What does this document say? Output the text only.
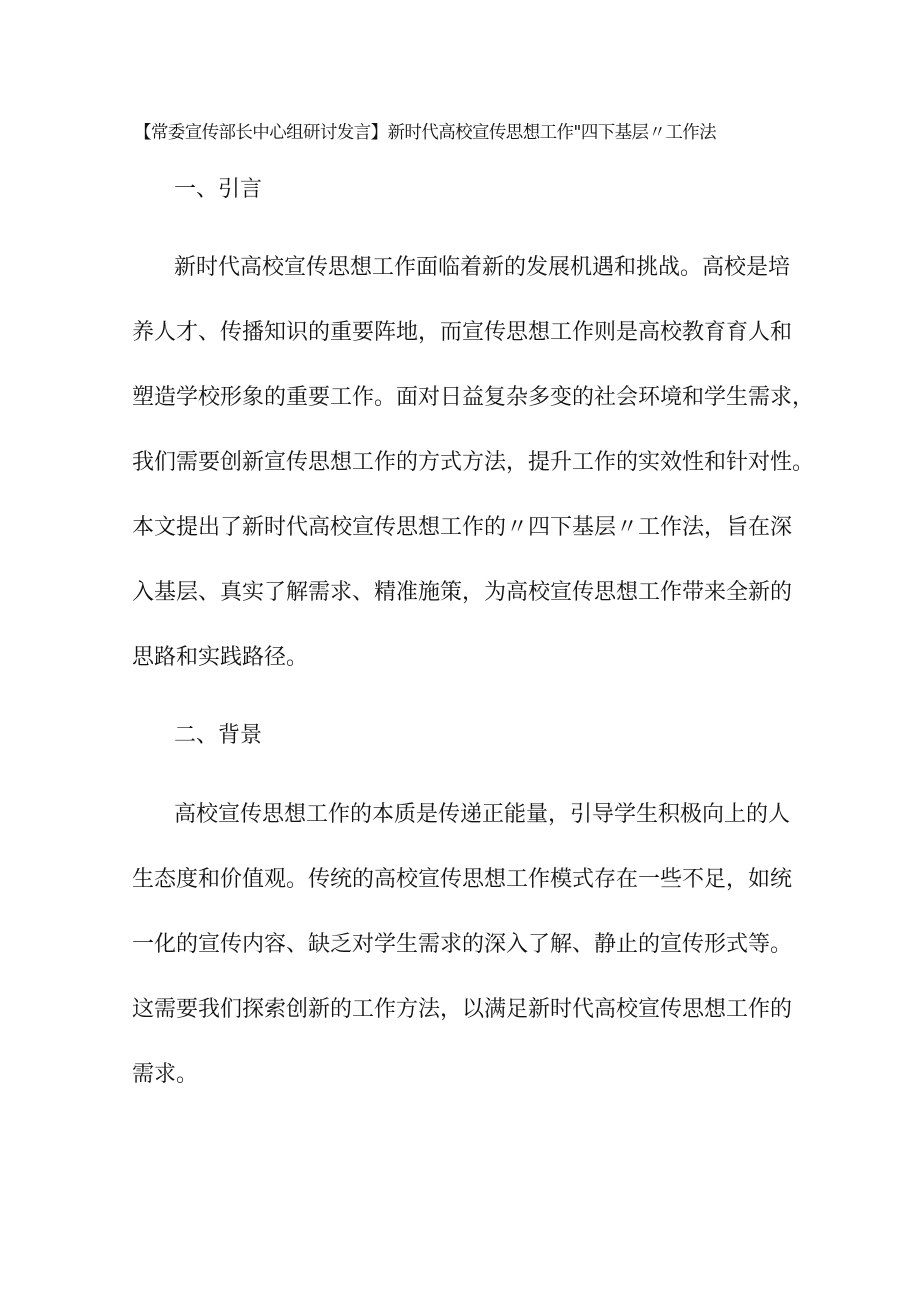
【常委宣传部长中心组研讨发言】新时代高校宣传思想工作"四下基层〃工作法
一、引言
新时代高校宣传思想工作面临着新的发展机遇和挑战。高校是培
养人才、传播知识的重要阵地，而宣传思想工作则是高校教育育人和
塑造学校形象的重要工作。面对日益复杂多变的社会环境和学生需求，
我们需要创新宣传思想工作的方式方法，提升工作的实效性和针对性。
本文提出了新时代高校宣传思想工作的〃四下基层〃工作法，旨在深
入基层、真实了解需求、精准施策，为高校宣传思想工作带来全新的
思路和实践路径。
二、背景
高校宣传思想工作的本质是传递正能量，引导学生积极向上的人
生态度和价值观。传统的高校宣传思想工作模式存在一些不足，如统
一化的宣传内容、缺乏对学生需求的深入了解、静止的宣传形式等。
这需要我们探索创新的工作方法，以满足新时代高校宣传思想工作的
需求。
